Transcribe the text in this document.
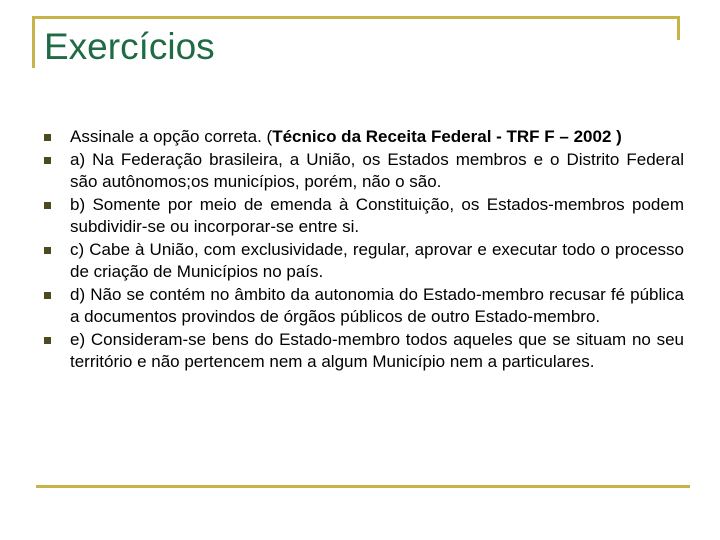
Exercícios
Assinale a opção correta. (Técnico da Receita Federal - TRF F – 2002 )
a) Na Federação brasileira, a União, os Estados membros e o Distrito Federal são autônomos;os municípios, porém, não o são.
b) Somente por meio de emenda à Constituição, os Estados-membros podem subdividir-se ou incorporar-se entre si.
c) Cabe à União, com exclusividade, regular, aprovar e executar todo o processo de criação de Municípios no país.
d) Não se contém no âmbito da autonomia do Estado-membro recusar fé pública a documentos provindos de órgãos públicos de outro Estado-membro.
e) Consideram-se bens do Estado-membro todos aqueles que se situam no seu território e não pertencem nem a algum Município nem a particulares.
